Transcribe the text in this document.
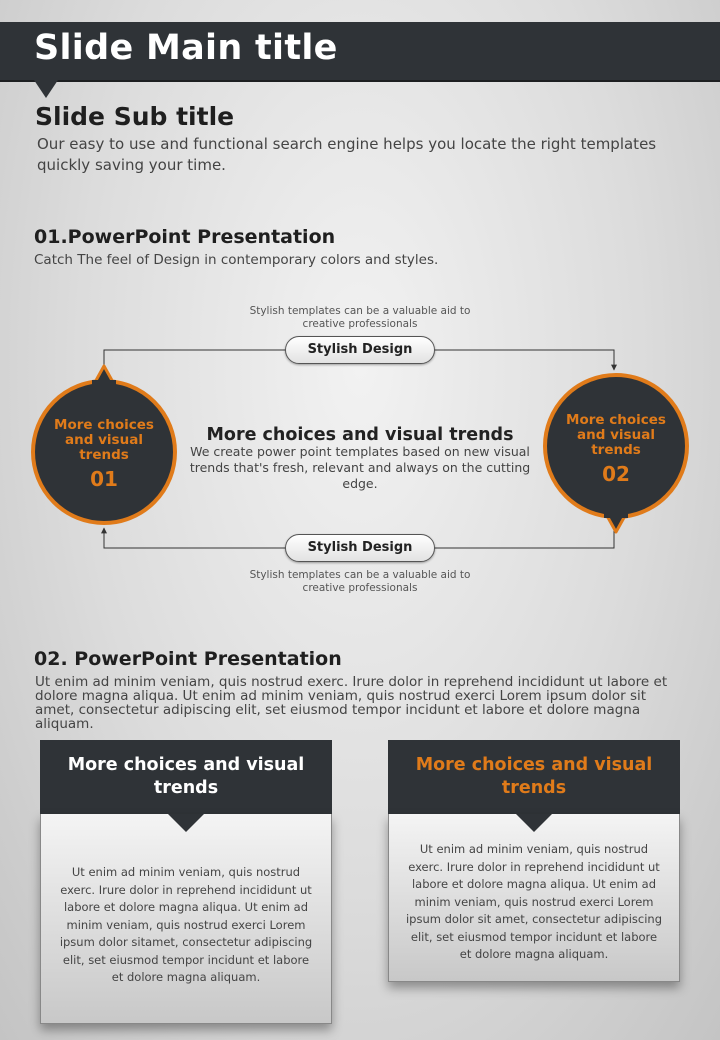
Slide Main title
Slide Sub title
Our easy to use and functional search engine helps you locate the right templates quickly saving your time.
01.PowerPoint Presentation
Catch The feel of Design in contemporary colors and styles.
Stylish templates can be a valuable aid to creative professionals
Stylish Design
Stylish Design
Stylish templates can be a valuable aid to creative professionals
More choices and visual trends
01
More choices and visual trends
02
More choices and visual trends
We create power point templates based on new visual trends that's fresh, relevant and always on the cutting edge.
02. PowerPoint Presentation
Ut enim ad minim veniam, quis nostrud exerc. Irure dolor in reprehend incididunt ut labore et dolore magna aliqua. Ut enim ad minim veniam, quis nostrud exerci Lorem ipsum dolor sit amet, consectetur adipiscing elit, set eiusmod tempor incidunt et labore et dolore magna aliquam.
More choices and visual trends
Ut enim ad minim veniam, quis nostrud exerc. Irure dolor in reprehend incididunt ut labore et dolore magna aliqua. Ut enim ad minim veniam, quis nostrud exerci Lorem ipsum dolor sitamet, consectetur adipiscing elit, set eiusmod tempor incidunt et labore et dolore magna aliquam.
More choices and visual trends
Ut enim ad minim veniam, quis nostrud exerc. Irure dolor in reprehend incididunt ut labore et dolore magna aliqua. Ut enim ad minim veniam, quis nostrud exerci Lorem ipsum dolor sit amet, consectetur adipiscing elit, set eiusmod tempor incidunt et labore et dolore magna aliquam.
